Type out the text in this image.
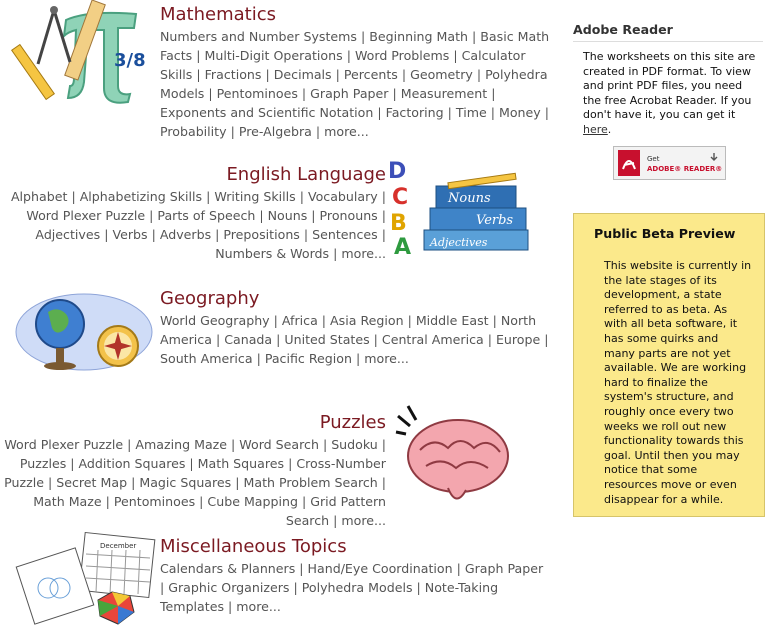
3/8
Mathematics
Numbers and Number Systems | Beginning Math | Basic Math Facts | Multi-Digit Operations | Word Problems | Calculator Skills | Fractions | Decimals | Percents | Geometry | Polyhedra Models | Pentominoes | Graph Paper | Measurement | Exponents and Scientific Notation | Factoring | Time | Money | Probability | Pre-Algebra | more...
English Language
Alphabet | Alphabetizing Skills | Writing Skills | Vocabulary | Word Plexer Puzzle | Parts of Speech | Nouns | Pronouns | Adjectives | Verbs | Adverbs | Prepositions | Sentences | Numbers & Words | more...
Nouns
Verbs
Adjectives
D
C
B
A
Geography
World Geography | Africa | Asia Region | Middle East | North America | Canada | United States | Central America | Europe | South America | Pacific Region | more...
Puzzles
Word Plexer Puzzle | Amazing Maze | Word Search | Sudoku | Puzzles | Addition Squares | Math Squares | Cross-Number Puzzle | Secret Map | Magic Squares | Math Problem Search | Math Maze | Pentominoes | Cube Mapping | Grid Pattern Search | more...
December Miscellaneous Topics
Calendars & Planners | Hand/Eye Coordination | Graph Paper | Graphic Organizers | Polyhedra Models | Note-Taking Templates | more...
Adobe Reader
The worksheets on this site are created in PDF format. To view and print PDF files, you need the free Acrobat Reader. If you don't have it, you can get it here.
Get
ADOBE® READER®
Public Beta Preview
This website is currently in the late stages of its development, a state referred to as beta. As with all beta software, it has some quirks and many parts are not yet available. We are working hard to finalize the system's structure, and roughly once every two weeks we roll out new functionality towards this goal. Until then you may notice that some resources move or even disappear for a while.
